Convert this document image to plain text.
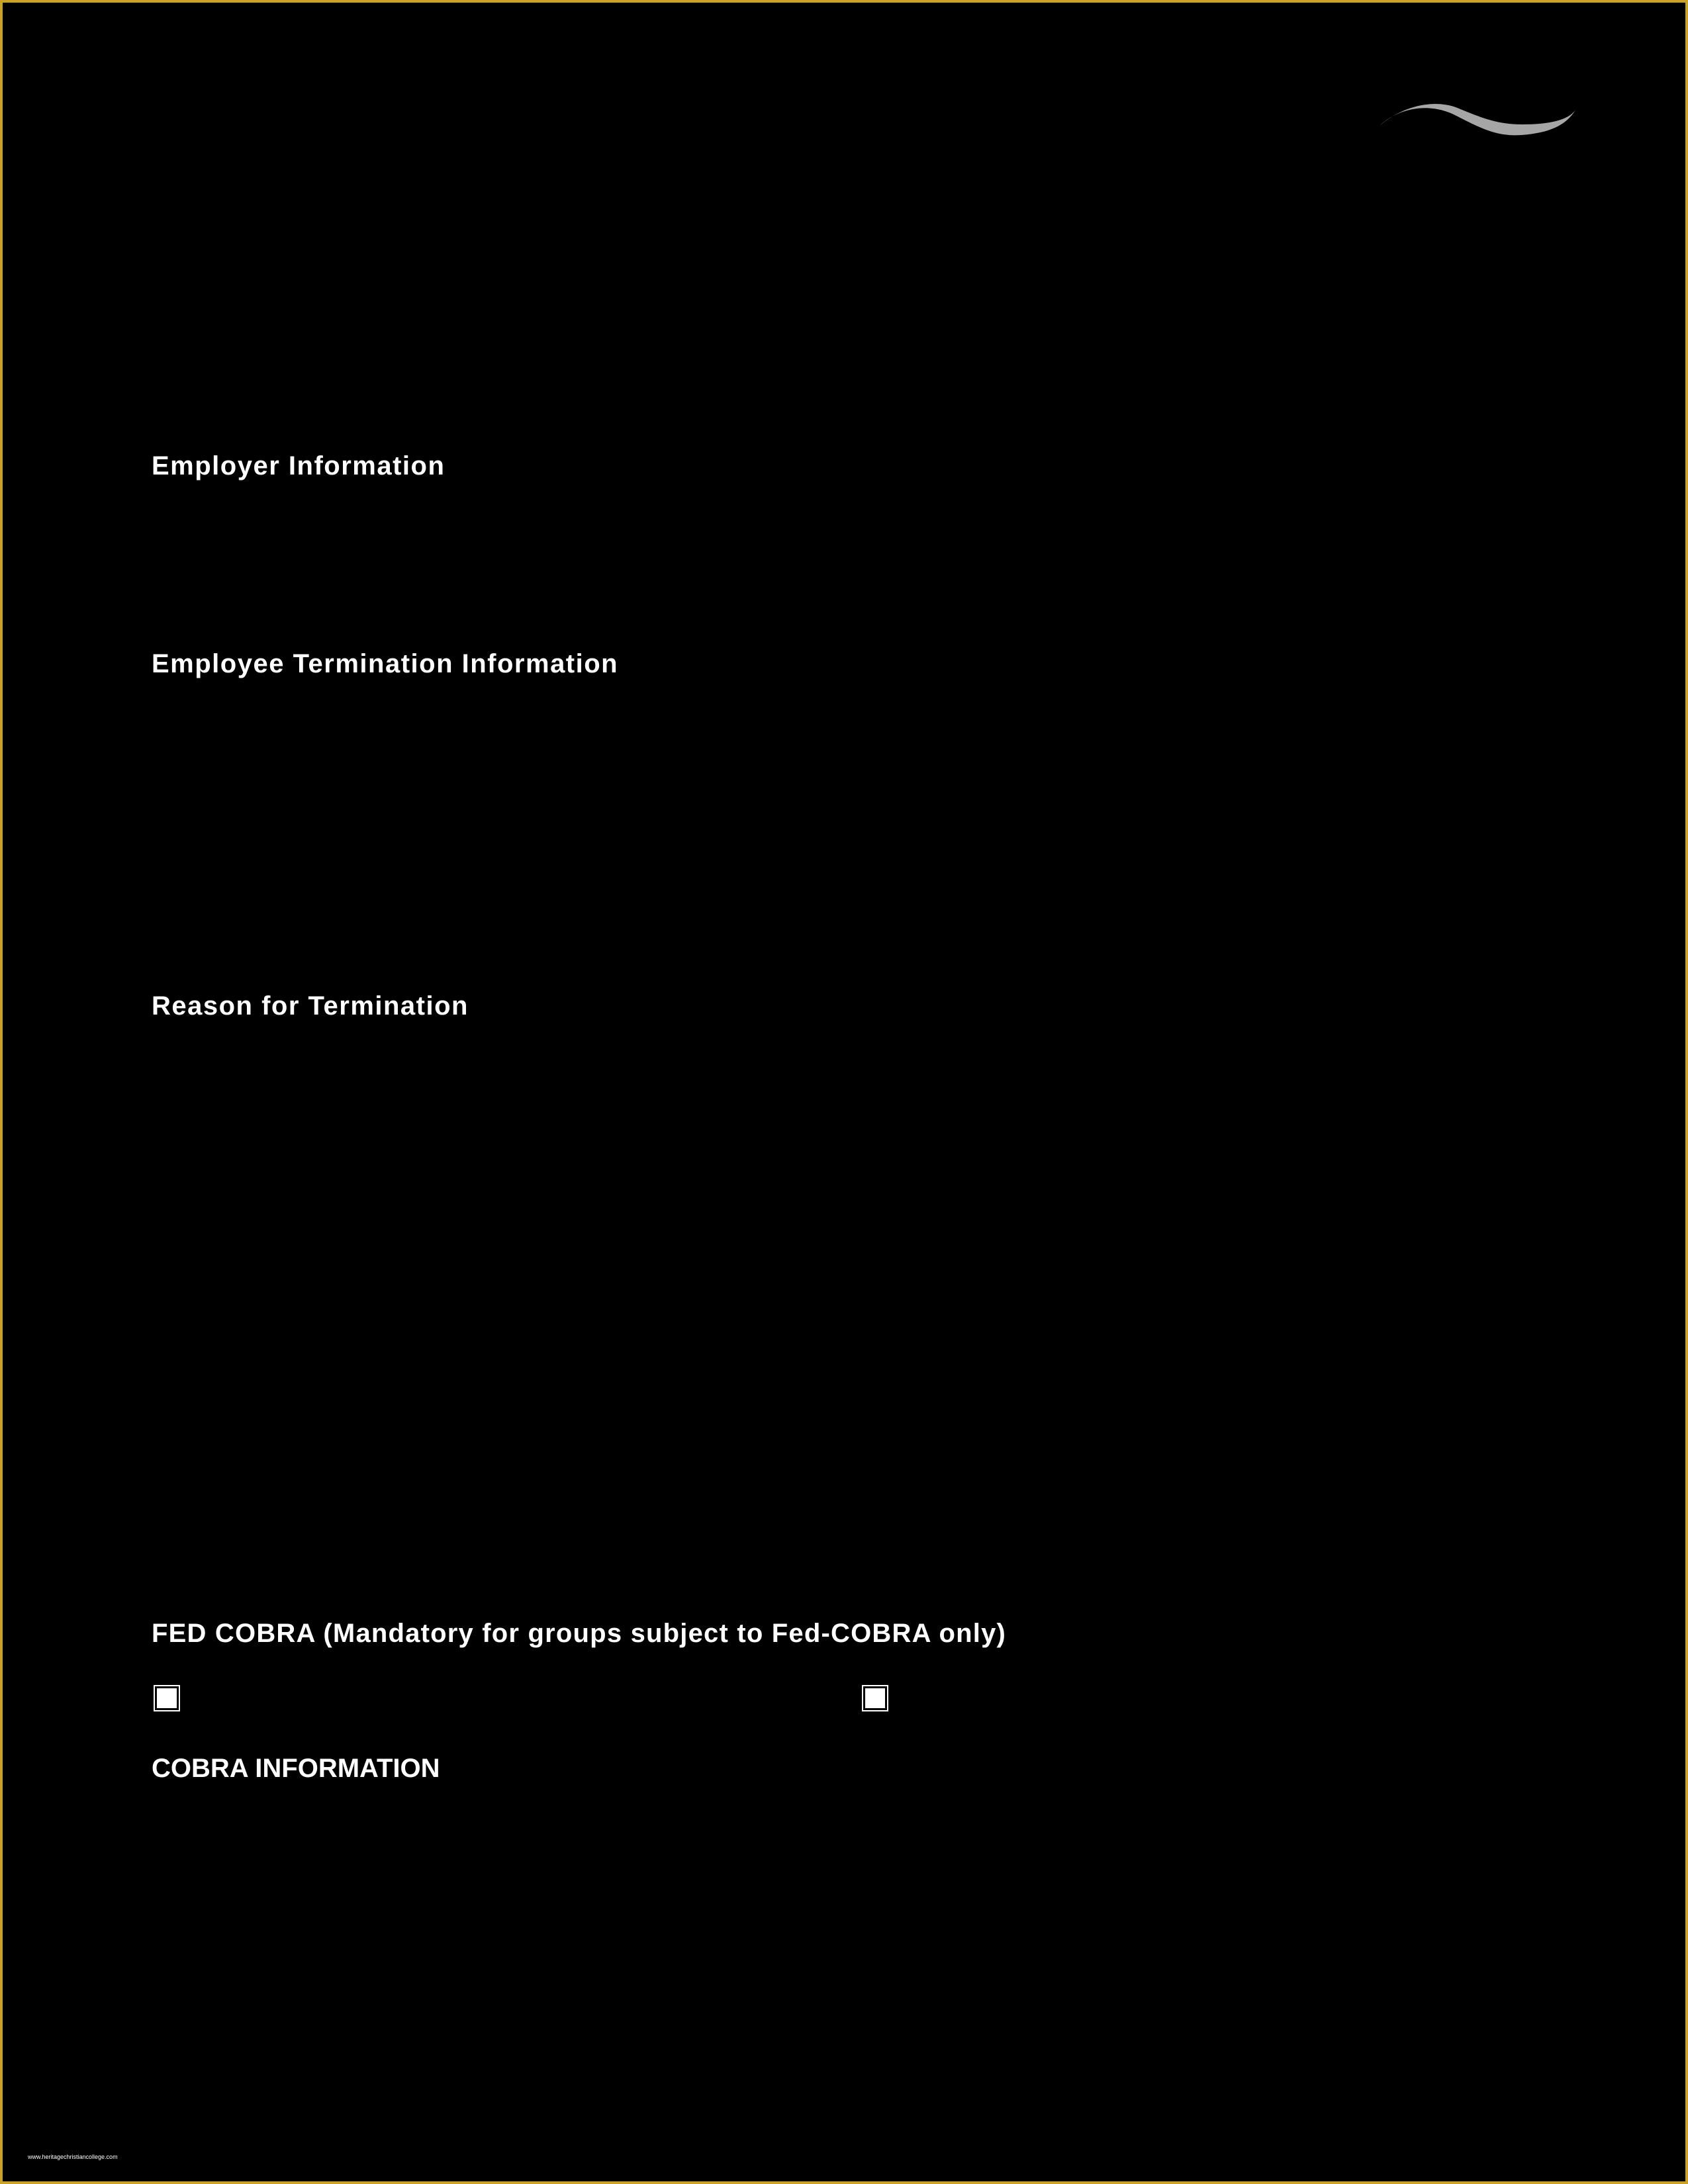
Employer Information
Employee Termination Information
Reason for Termination
FED COBRA (Mandatory for groups subject to Fed-COBRA only)
COBRA INFORMATION
www.heritagechristiancollege.com
